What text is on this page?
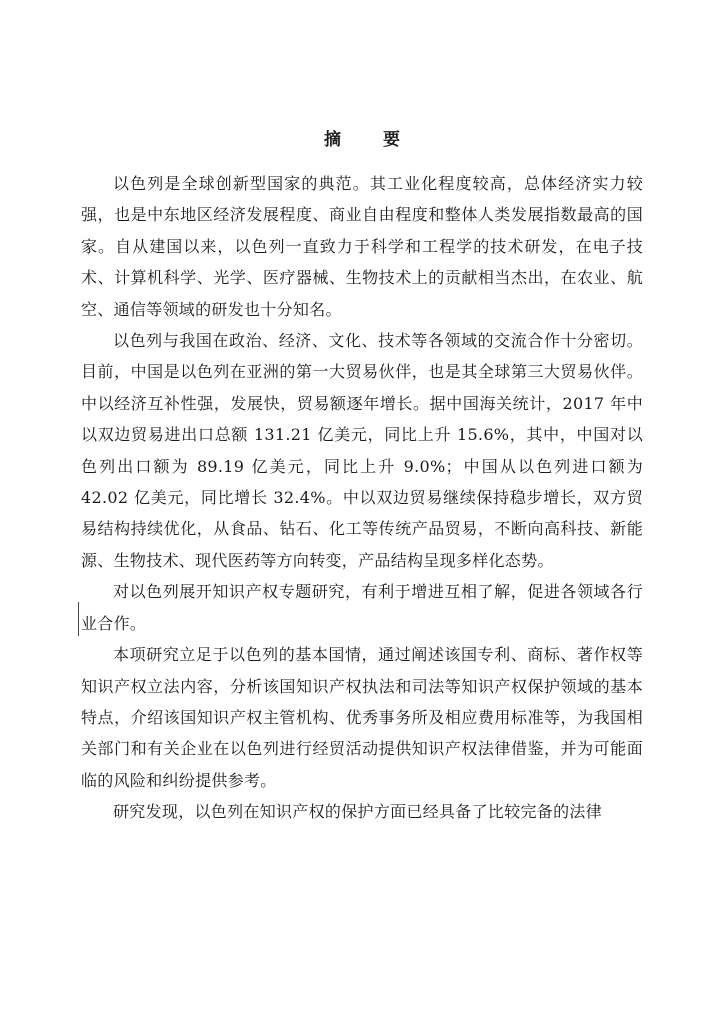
摘 要

以色列是全球创新型国家的典范。其工业化程度较高，总体经济实力较强，也是中东地区经济发展程度、商业自由程度和整体人类发展指数最高的国家。自从建国以来，以色列一直致力于科学和工程学的技术研发，在电子技术、计算机科学、光学、医疗器械、生物技术上的贡献相当杰出，在农业、航空、通信等领域的研发也十分知名。

以色列与我国在政治、经济、文化、技术等各领域的交流合作十分密切。目前，中国是以色列在亚洲的第一大贸易伙伴，也是其全球第三大贸易伙伴。中以经济互补性强，发展快，贸易额逐年增长。据中国海关统计，2017 年中以双边贸易进出口总额 131.21 亿美元，同比上升 15.6%，其中，中国对以色列出口额为 89.19 亿美元，同比上升 9.0%；中国从以色列进口额为 42.02 亿美元，同比增长 32.4%。中以双边贸易继续保持稳步增长，双方贸易结构持续优化，从食品、钻石、化工等传统产品贸易，不断向高科技、新能源、生物技术、现代医药等方向转变，产品结构呈现多样化态势。

对以色列展开知识产权专题研究，有利于增进互相了解，促进各领域各行业合作。

本项研究立足于以色列的基本国情，通过阐述该国专利、商标、著作权等知识产权立法内容，分析该国知识产权执法和司法等知识产权保护领域的基本特点，介绍该国知识产权主管机构、优秀事务所及相应费用标准等，为我国相关部门和有关企业在以色列进行经贸活动提供知识产权法律借鉴，并为可能面临的风险和纠纷提供参考。

研究发现，以色列在知识产权的保护方面已经具备了比较完备的法律
